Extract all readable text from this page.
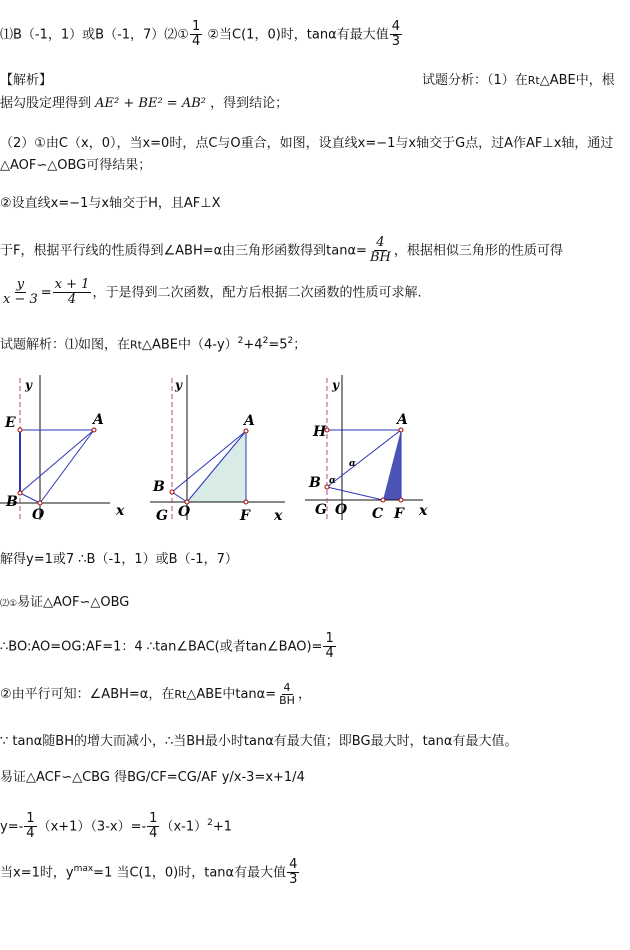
⑴B（-1，1）或B（-1，7）⑵① $\frac{1}{4}$ ②当C(1，0)时，tanα有最大值 $\frac{4}{3}$
【解析】	试题分析：（1）在Rt△ABE中，根
据勾股定理得到 AE² + BE² = AB² ，得到结论；
（2）①由C（x，0），当x=0时，点C与O重合，如图，设直线x=−1与x轴交于G点，过A作AF⊥x轴，通过
△AOF∽△OBG可得结果；
②设直线x=−1与x轴交于H，且AF⊥X
于F，根据平行线的性质得到∠ABH=α由三角形函数得到$\tan\alpha= \frac{4}{BH}$ ，根据相似三角形的性质可得
$\frac{y}{x - 3} = \frac{x + 1}{4}$ ，于是得到二次函数，配方后根据二次函数的性质可求解.
试题解析：⑴如图，在Rt△ABE中$(4-y)^2+4^2=5^2$；
E	A
B
O	x
y
A
B
G O	F x
y
H
A
α
α
B
G O C F x
y
解得y=1或7 ∴B（-1，1）或B（-1，7）
⑵①易证△AOF∽△OBG
∴BO:AO=OG:AF=1：4 ∴tan∠BAC(或者tan∠BAO)= $\frac{1}{4}$
②由平行可知：∠ABH=α，在Rt△ABE中$\tan\alpha= \frac{4}{BH}$ ，
∵ tanα随BH的增大而减小，∴当BH最小时tanα有最大值；即BG最大时，tanα有最大值。
易证△ACF∽△CBG 得BG/CF=CG/AF y/x-3=x+1/4
$y=- \frac{1}{4} (x+1)(3-x)=- \frac{1}{4} (x-1)^2+1$
当x=1时，$y^{max}=1$ 当C(1，0)时，tanα有最大值 $\frac{4}{3}$
